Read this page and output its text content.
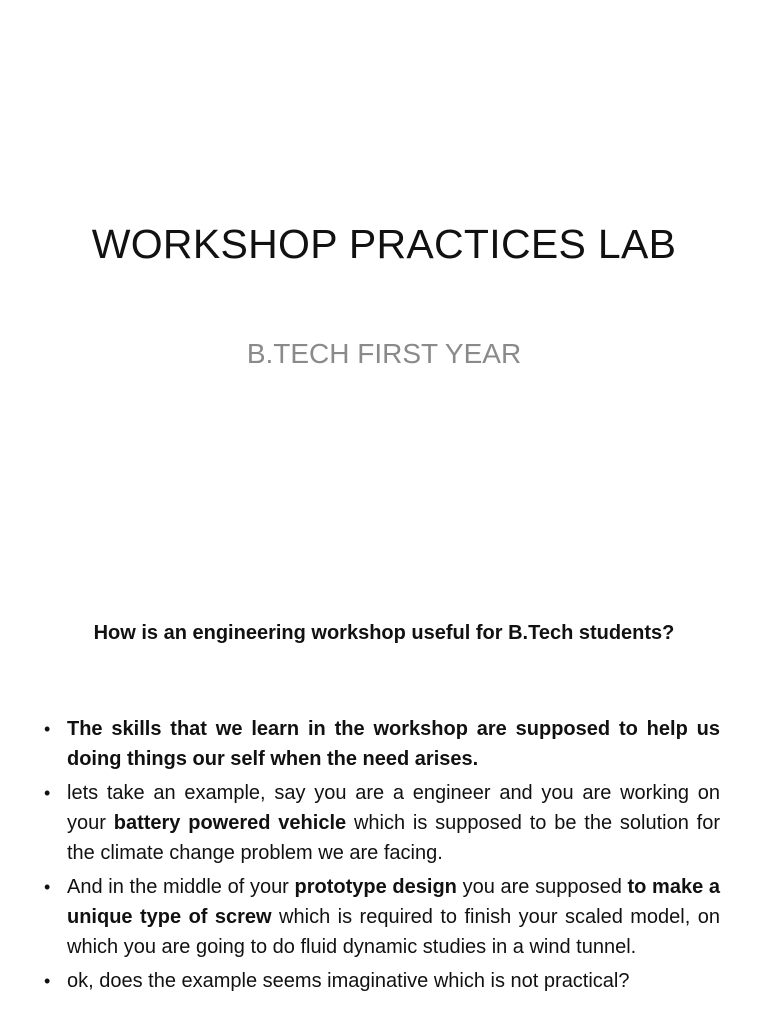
WORKSHOP PRACTICES LAB
B.TECH FIRST YEAR
How is an engineering workshop useful for B.Tech students?
• The skills that we learn in the workshop are supposed to help us doing things our self when the need arises.
• lets take an example, say you are a engineer and you are working on your battery powered vehicle which is supposed to be the solution for the climate change problem we are facing.
• And in the middle of your prototype design you are supposed to make a unique type of screw which is required to finish your scaled model, on which you are going to do fluid dynamic studies in a wind tunnel.
• ok, does the example seems imaginative which is not practical?
